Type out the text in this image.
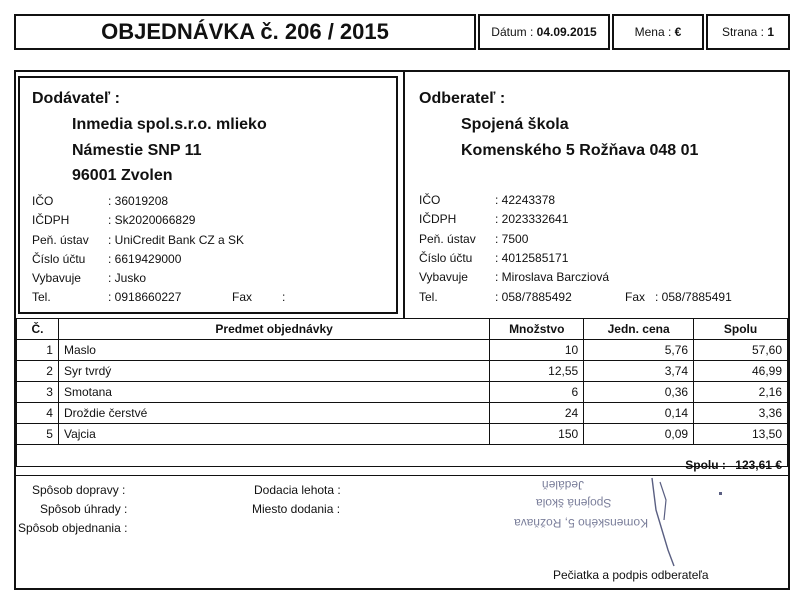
OBJEDNÁVKA č. 206 / 2015	Dátum : 04.09.2015	Mena : €	Strana : 1
Dodávateľ :
Inmedia spol.s.r.o. mlieko
Námestie SNP 11
96001 Zvolen
IČO	: 36019208
IČDPH	: Sk2020066829
Peň. ústav : UniCredit Bank CZ a SK
Číslo účtu : 6619429000
Vybavuje : Jusko
Tel.	: 0918660227	Fax :
Odberateľ :
Spojená škola
Komenského 5 Rožňava 048 01
IČO	: 42243378
IČDPH	: 2023332641
Peň. ústav : 7500
Číslo účtu : 4012585171
Vybavuje : Miroslava Barcziová
Tel.	: 058/7885492	Fax : 058/7885491
Č.	Predmet objednávky	Množstvo	Jedn. cena	Spolu
1	Maslo	10	5,76	57,60
2	Syr tvrdý	12,55	3,74	46,99
3	Smotana	6	0,36	2,16
4	Droždie čerstvé	24	0,14	3,36
5	Vajcia	150	0,09	13,50

Spolu : 123,61 €
Spôsob dopravy :
Spôsob úhrady :
Spôsob objednania :
Dodacia lehota :
Miesto dodania :
Pečiatka a podpis odberateľa
Komenského 5, Rožňava
Spojená škola
Jedáleň
